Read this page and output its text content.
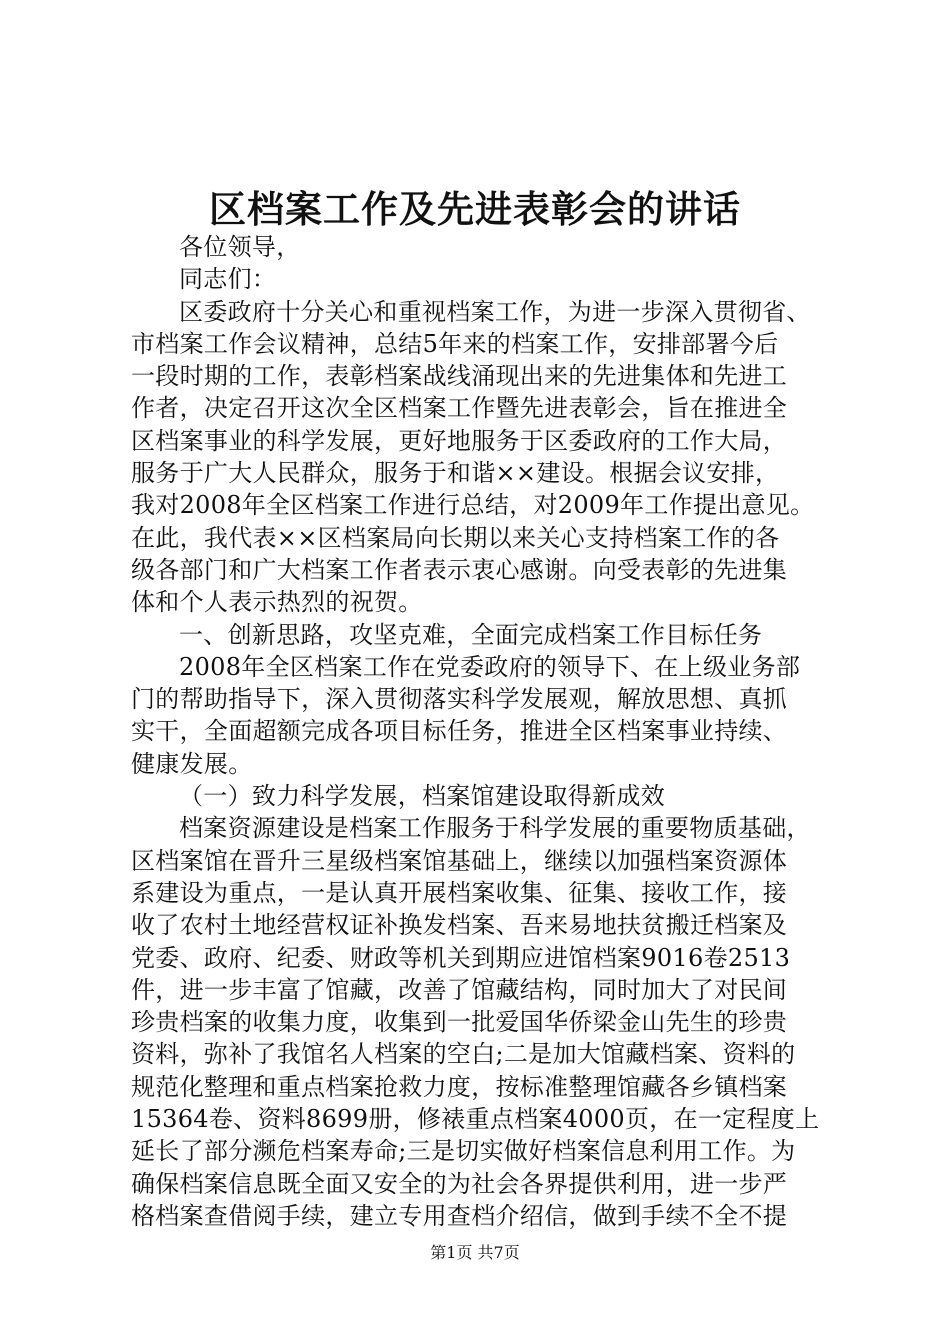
区档案工作及先进表彰会的讲话
各位领导，
同志们：
区委政府十分关心和重视档案工作，为进一步深入贯彻省、
市档案工作会议精神，总结5年来的档案工作，安排部署今后
一段时期的工作，表彰档案战线涌现出来的先进集体和先进工
作者，决定召开这次全区档案工作暨先进表彰会，旨在推进全
区档案事业的科学发展，更好地服务于区委政府的工作大局，
服务于广大人民群众，服务于和谐××建设。根据会议安排，
我对2008年全区档案工作进行总结，对2009年工作提出意见。
在此，我代表××区档案局向长期以来关心支持档案工作的各
级各部门和广大档案工作者表示衷心感谢。向受表彰的先进集
体和个人表示热烈的祝贺。
一、创新思路，攻坚克难，全面完成档案工作目标任务
2008年全区档案工作在党委政府的领导下、在上级业务部
门的帮助指导下，深入贯彻落实科学发展观，解放思想、真抓
实干，全面超额完成各项目标任务，推进全区档案事业持续、
健康发展。
（一）致力科学发展，档案馆建设取得新成效
档案资源建设是档案工作服务于科学发展的重要物质基础，
区档案馆在晋升三星级档案馆基础上，继续以加强档案资源体
系建设为重点，一是认真开展档案收集、征集、接收工作，接
收了农村土地经营权证补换发档案、吾来易地扶贫搬迁档案及
党委、政府、纪委、财政等机关到期应进馆档案9016卷2513
件，进一步丰富了馆藏，改善了馆藏结构，同时加大了对民间
珍贵档案的收集力度，收集到一批爱国华侨梁金山先生的珍贵
资料，弥补了我馆名人档案的空白;二是加大馆藏档案、资料的
规范化整理和重点档案抢救力度，按标准整理馆藏各乡镇档案
15364卷、资料8699册，修裱重点档案4000页，在一定程度上
延长了部分濒危档案寿命;三是切实做好档案信息利用工作。为
确保档案信息既全面又安全的为社会各界提供利用，进一步严
格档案查借阅手续，建立专用查档介绍信，做到手续不全不提
第1页 共7页
